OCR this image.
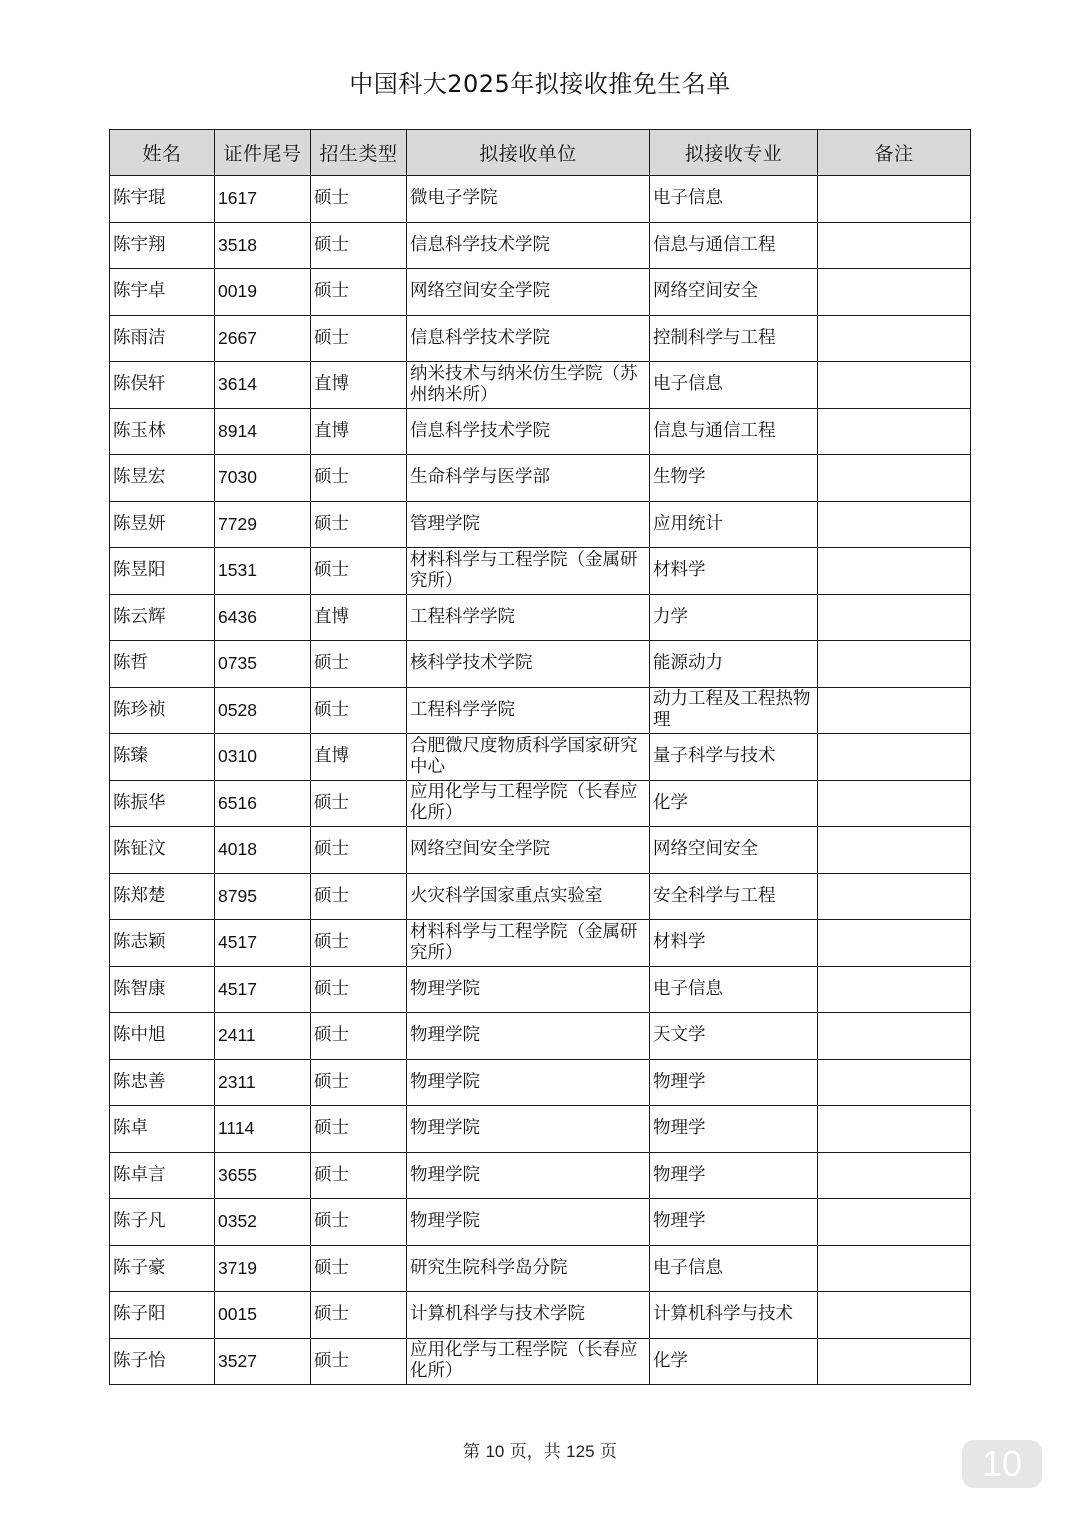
中国科大2025年拟接收推免生名单
姓名	证件尾号	招生类型	拟接收单位	拟接收专业	备注
陈宇琨	1617	硕士	微电子学院	电子信息	
陈宇翔	3518	硕士	信息科学技术学院	信息与通信工程	
陈宇卓	0019	硕士	网络空间安全学院	网络空间安全	
陈雨洁	2667	硕士	信息科学技术学院	控制科学与工程	
陈俣轩	3614	直博	纳米技术与纳米仿生学院（苏州纳米所）	电子信息	
陈玉林	8914	直博	信息科学技术学院	信息与通信工程	
陈昱宏	7030	硕士	生命科学与医学部	生物学	
陈昱妍	7729	硕士	管理学院	应用统计	
陈昱阳	1531	硕士	材料科学与工程学院（金属研究所）	材料学	
陈云辉	6436	直博	工程科学学院	力学	
陈哲	0735	硕士	核科学技术学院	能源动力	
陈珍祯	0528	硕士	工程科学学院	动力工程及工程热物理	
陈臻	0310	直博	合肥微尺度物质科学国家研究中心	量子科学与技术	
陈振华	6516	硕士	应用化学与工程学院（长春应化所）	化学	
陈钲汶	4018	硕士	网络空间安全学院	网络空间安全	
陈郑楚	8795	硕士	火灾科学国家重点实验室	安全科学与工程	
陈志颖	4517	硕士	材料科学与工程学院（金属研究所）	材料学	
陈智康	4517	硕士	物理学院	电子信息	
陈中旭	2411	硕士	物理学院	天文学	
陈忠善	2311	硕士	物理学院	物理学	
陈卓	1114	硕士	物理学院	物理学	
陈卓言	3655	硕士	物理学院	物理学	
陈子凡	0352	硕士	物理学院	物理学	
陈子豪	3719	硕士	研究生院科学岛分院	电子信息	
陈子阳	0015	硕士	计算机科学与技术学院	计算机科学与技术	
陈子怡	3527	硕士	应用化学与工程学院（长春应化所）	化学	
第 10 页，共 125 页	10
